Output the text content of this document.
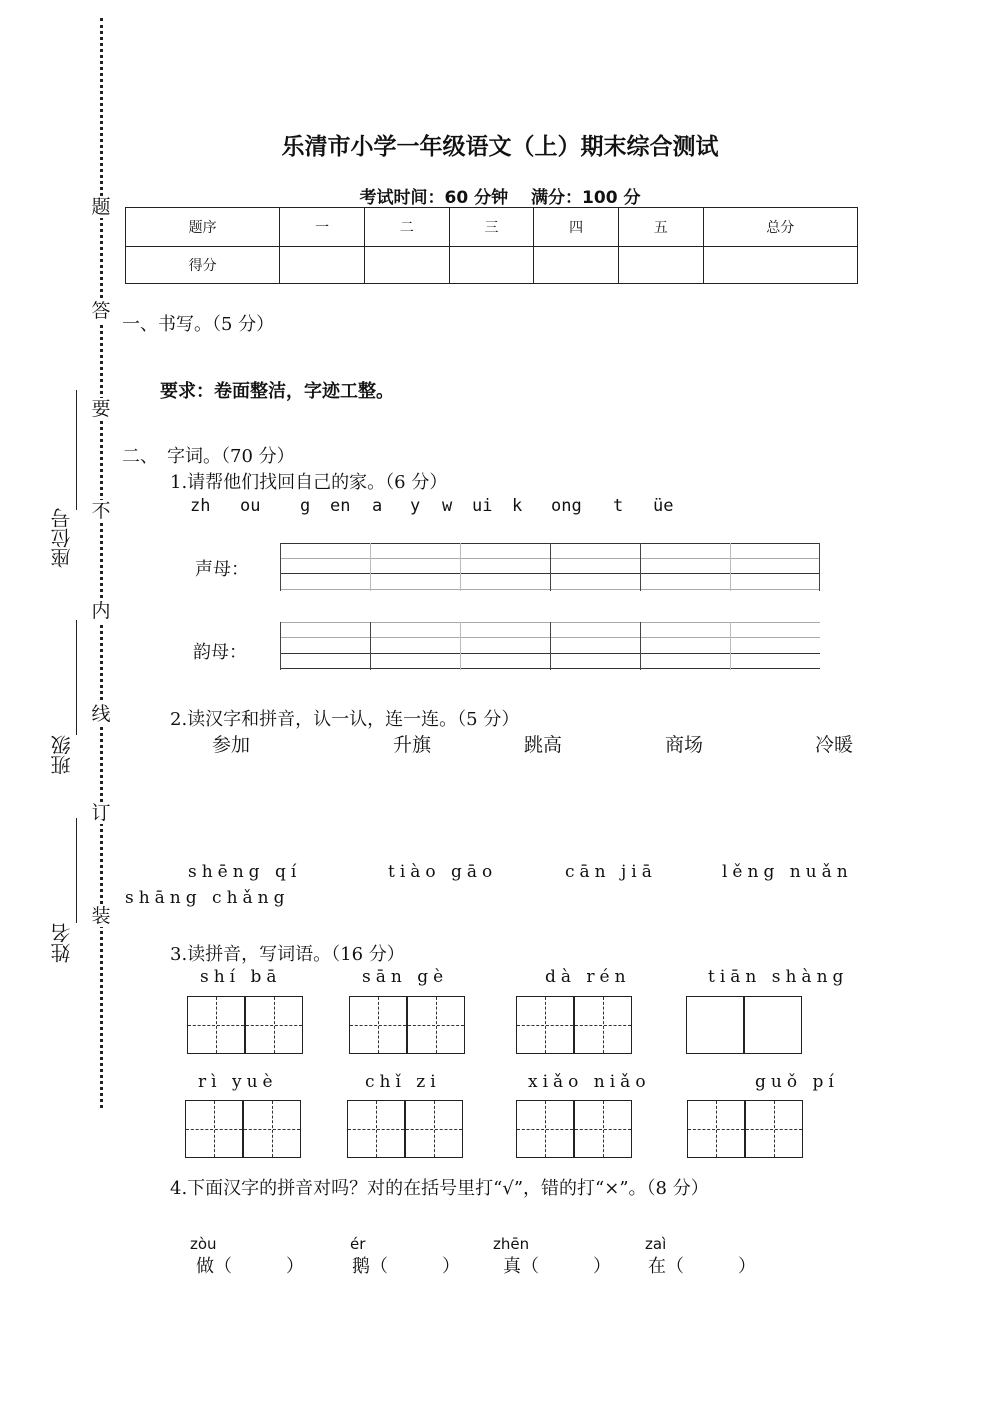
题
答
要
不
内
线
订
装
座位号
班级
姓名
乐清市小学一年级语文（上）期末综合测试
考试时间：60 分钟　 满分：100 分
题序	一	二	三	四	五	总分
得分						
一、书写。（5 分）
要求：卷面整洁，字迹工整。
二、　字词。（70 分）
1.请帮他们找回自己的家。（6 分）
zh ou g en a y w ui k ong t üe
声母：
韵母：
2.读汉字和拼音，认一认，连一连。（5 分）
参加	升旗	跳高	商场	冷暖
shēng qí	tiào gāo	cān jiā	lěng nuǎn
shāng chǎng
3.读拼音，写词语。（16 分）
shí bā	sān gè	dà rén	tiān shàng
rì yuè	chǐ zi	xiǎo niǎo	guǒ pí
4.下面汉字的拼音对吗？对的在括号里打“√”，错的打“×”。（8 分）
zòu
做（　　　）
ér
鹅（　　　）
zhēn
真（　　　）
zaì
在（　　　）
